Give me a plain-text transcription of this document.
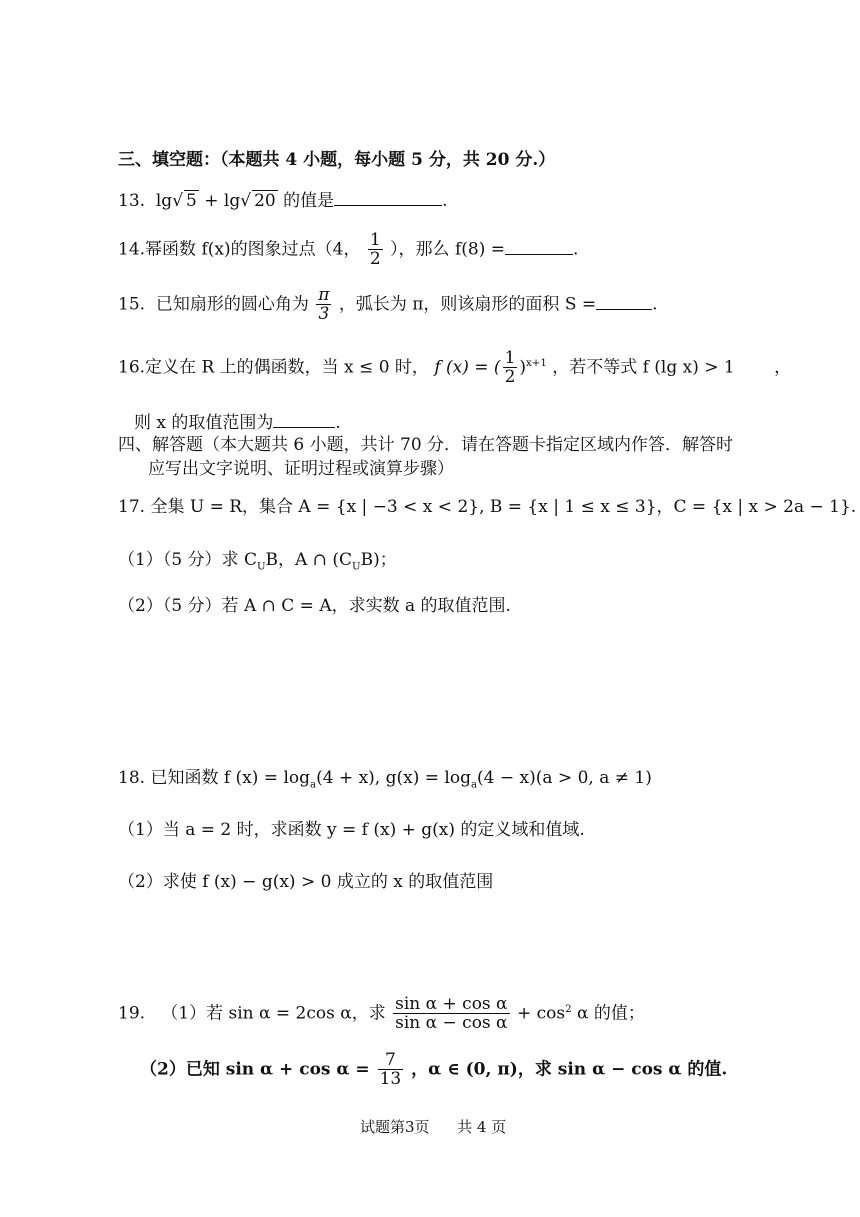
三、填空题：（本题共 4 小题，每小题 5 分，共 20 分.）
13. lg√ 5 + lg√ 20 的值是	.
14.幂函数 f(x)的图象过点（4， $\frac{1}{2}$ ），那么 f(8) =	.
15. 已知扇形的圆心角为 $\frac{\pi}{3}$ ，弧长为 π，则该扇形的面积 S =	.
16.定义在 R 上的偶函数，当 x ≤ 0 时， f (x) = ( $\frac{1}{2} )^{x+1}$ ，若不等式 f (lg x) > 1 ，
则 x 的取值范围为	.
四、解答题（本大题共 6 小题，共计 70 分．请在答题卡指定区域内作答．解答时
应写出文字说明、证明过程或演算步骤）
17. 全集 U = R，集合 A = {x | −3 < x < 2}, B = {x | 1 ≤ x ≤ 3}，C = {x | x > 2a − 1}.
（1）（5 分）求 $C_UB$，A ∩ $(C_UB)$；
（2）（5 分）若 A ∩ C = A，求实数 a 的取值范围.
18. 已知函数 f $(x) = \log_a(4 + x)$, $g(x) = \log_a(4 - x)(a > 0$, a ≠ 1)
（1）当 a = 2 时，求函数 y = f (x) + g(x) 的定义域和值域.
（2）求使 f (x) − g(x) > 0 成立的 x 的取值范围
19. （1）若 sin α = 2cos α，求 $\frac{\text{sin α + cos α}}{\text{sin α − cos α}} + \cos^2 \alpha$ 的值；
（2）已知 $\sin \alpha + \cos \alpha = \frac{7}{13}$ ，α ∈ (0, π)，求 sin α − cos α 的值.
试题第3页 共 4 页
